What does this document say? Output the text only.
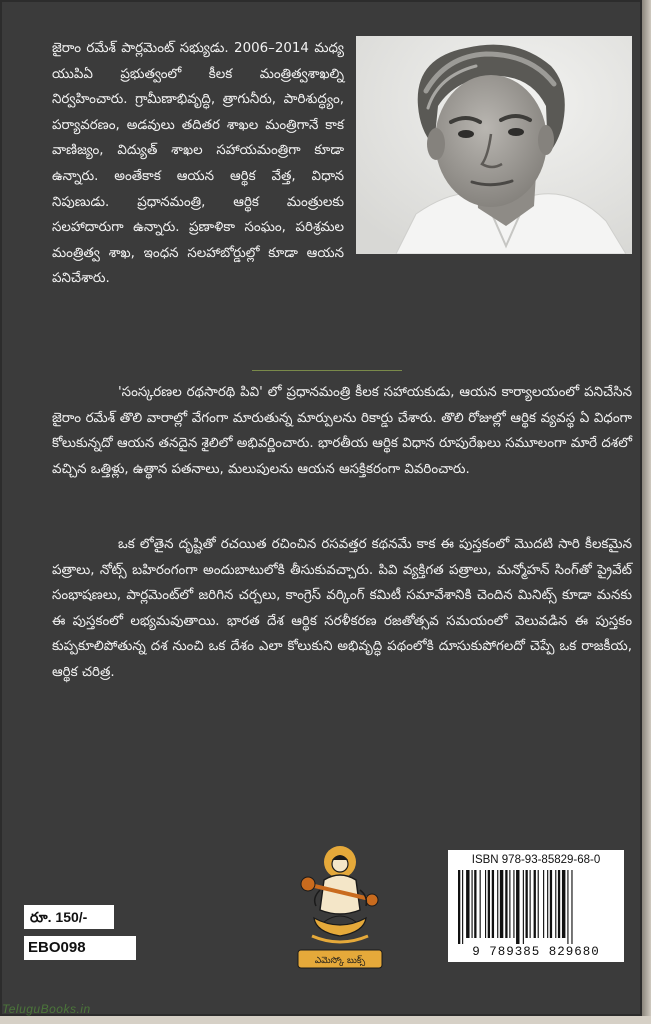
జైరాం రమేశ్ పార్లమెంట్ సభ్యుడు. 2006–2014 మధ్య యుపిఏ ప్రభుత్వంలో కీలక మంత్రిత్వశాఖల్ని నిర్వహించారు. గ్రామీణాభివృద్ధి, త్రాగునీరు, పారిశుద్ధ్యం, పర్యావరణం, అడవులు తదితర శాఖల మంత్రిగానే కాక వాణిజ్యం, విద్యుత్ శాఖల సహాయమంత్రిగా కూడా ఉన్నారు. అంతేకాక ఆయన ఆర్థిక వేత్త, విధాన నిపుణుడు. ప్రధానమంత్రి, ఆర్థిక మంత్రులకు సలహాదారుగా ఉన్నారు. ప్రణాళికా సంఘం, పరిశ్రమల మంత్రిత్వ శాఖ, ఇంధన సలహాబోర్డుల్లో కూడా ఆయన పనిచేశారు.

'సంస్కరణల రథసారథి పివి' లో ప్రధానమంత్రి కీలక సహాయకుడు, ఆయన కార్యాలయంలో పనిచేసిన జైరాం రమేశ్ తొలి వారాల్లో వేగంగా మారుతున్న మార్పులను రికార్డు చేశారు. తొలి రోజుల్లో ఆర్థిక వ్యవస్థ ఏ విధంగా కోలుకున్నదో ఆయన తనదైన శైలిలో అభివర్ణించారు. భారతీయ ఆర్థిక విధాన రూపురేఖలు సమూలంగా మారే దశలో వచ్చిన ఒత్తిళ్లు, ఉత్థాన పతనాలు, మలుపులను ఆయన ఆసక్తికరంగా వివరించారు.

ఒక లోతైన దృష్టితో రచయిత రచించిన రసవత్తర కథనమే కాక ఈ పుస్తకంలో మొదటి సారి కీలకమైన పత్రాలు, నోట్స్ బహిరంగంగా అందుబాటులోకి తీసుకువచ్చారు. పివి వ్యక్తిగత పత్రాలు, మన్మోహన్ సింగ్‌తో ప్రైవేట్ సంభాషణలు, పార్లమెంట్‌లో జరిగిన చర్చలు, కాంగ్రెస్ వర్కింగ్ కమిటీ సమావేశానికి చెందిన మినిట్స్ కూడా మనకు ఈ పుస్తకంలో లభ్యమవుతాయి. భారత దేశ ఆర్థిక సరళీకరణ రజతోత్సవ సమయంలో వెలువడిన ఈ పుస్తకం కుప్పకూలిపోతున్న దశ నుంచి ఒక దేశం ఎలా కోలుకుని అభివృద్ధి పథంలోకి దూసుకుపోగలదో చెప్పే ఒక రాజకీయ, ఆర్థిక చరిత్ర.

ఎమెస్కో బుక్స్
రూ. 150/-
EBO098
ISBN 978-93-85829-68-0
9 789385 829680
TeluguBooks.in
